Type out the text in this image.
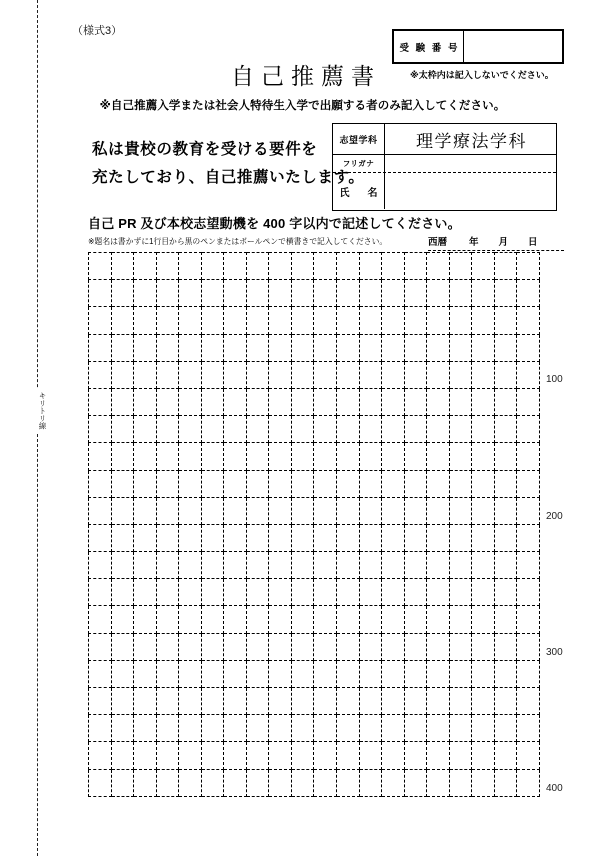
キリトリ線
（様式3）
受 験 番 号
※太枠内は記入しないでください。
自己推薦書
※自己推薦入学または社会人特待生入学で出願する者のみ記入してください。
私は貴校の教育を受ける要件を
充たしており、自己推薦いたします。
志望学科	理学療法学科
フリガナ
氏　名
自己 PR 及び本校志望動機を 400 字以内で記述してください。
※題名は書かずに1行目から黒のペンまたはボールペンで横書きで記入してください。	西暦 年 月 日

100
200
300
400
